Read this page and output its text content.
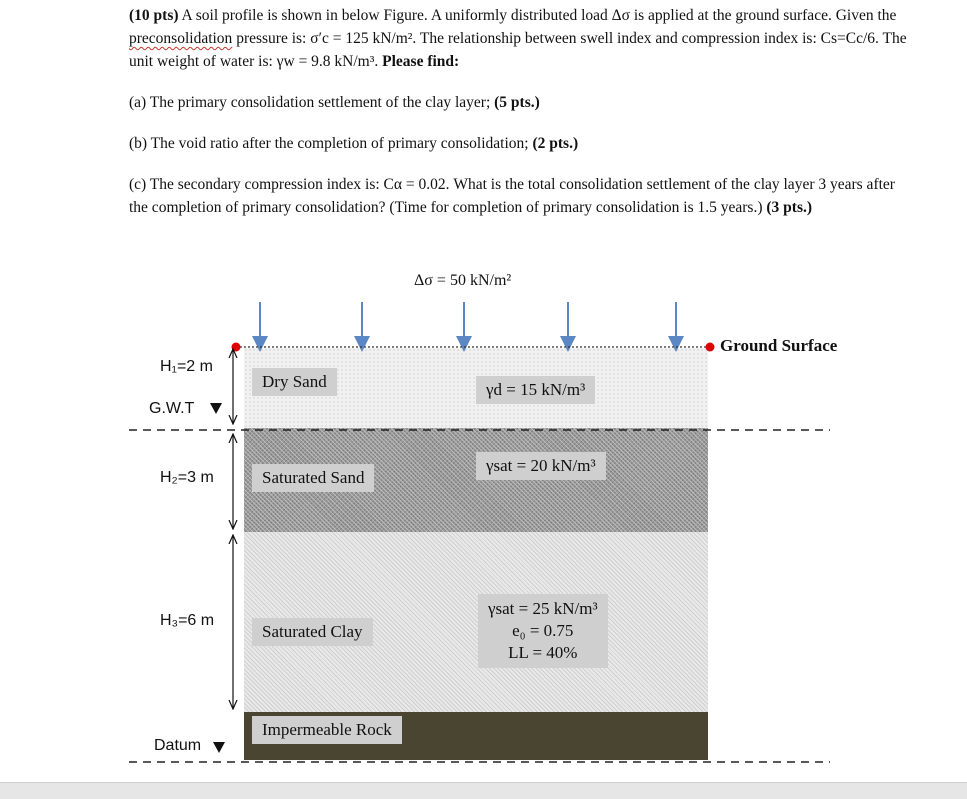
(10 pts) A soil profile is shown in below Figure. A uniformly distributed load Δσ is applied at the ground surface. Given the preconsolidation pressure is: σ′c = 125 kN/m². The relationship between swell index and compression index is: Cs=Cc/6. The unit weight of water is: γw = 9.8 kN/m³. Please find:

(a) The primary consolidation settlement of the clay layer; (5 pts.)

(b) The void ratio after the completion of primary consolidation; (2 pts.)

(c) The secondary compression index is: Cα = 0.02. What is the total consolidation settlement of the clay layer 3 years after the completion of primary consolidation? (Time for completion of primary consolidation is 1.5 years.) (3 pts.)

Δσ = 50 kN/m²
Ground Surface
H₁=2 m
G.W.T
H₂=3 m
H₃=6 m
Datum
Dry Sand	γd = 15 kN/m³
Saturated Sand
γsat = 20 kN/m³
Saturated Clay
γsat = 25 kN/m³
e₀ = 0.75
LL = 40%
Impermeable Rock
